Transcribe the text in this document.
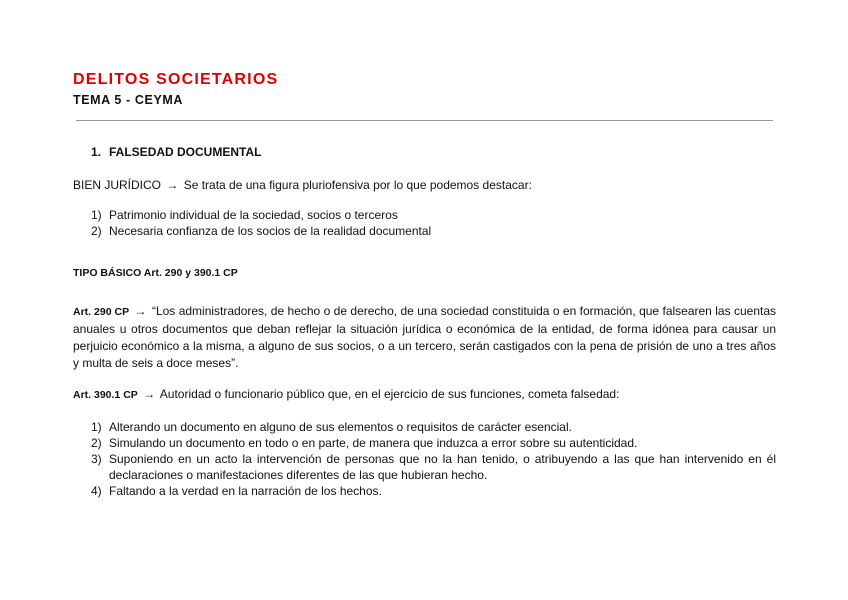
DELITOS SOCIETARIOS
TEMA 5 - CEYMA
1. FALSEDAD DOCUMENTAL

BIEN JURÍDICO → Se trata de una figura pluriofensiva por lo que podemos destacar:

1) Patrimonio individual de la sociedad, socios o terceros
2) Necesaria confianza de los socios de la realidad documental

TIPO BÁSICO Art. 290 y 390.1 CP

Art. 290 CP → “Los administradores, de hecho o de derecho, de una sociedad constituida o en formación, que falsearen las cuentas anuales u otros documentos que deban reflejar la situación jurídica o económica de la entidad, de forma idónea para causar un perjuicio económico a la misma, a alguno de sus socios, o a un tercero, serán castigados con la pena de prisión de uno a tres años y multa de seis a doce meses”.

Art. 390.1 CP → Autoridad o funcionario público que, en el ejercicio de sus funciones, cometa falsedad:

1) Alterando un documento en alguno de sus elementos o requisitos de carácter esencial.
2) Simulando un documento en todo o en parte, de manera que induzca a error sobre su autenticidad.
3) Suponiendo en un acto la intervención de personas que no la han tenido, o atribuyendo a las que han intervenido en él declaraciones o manifestaciones diferentes de las que hubieran hecho.
4) Faltando a la verdad en la narración de los hechos.
